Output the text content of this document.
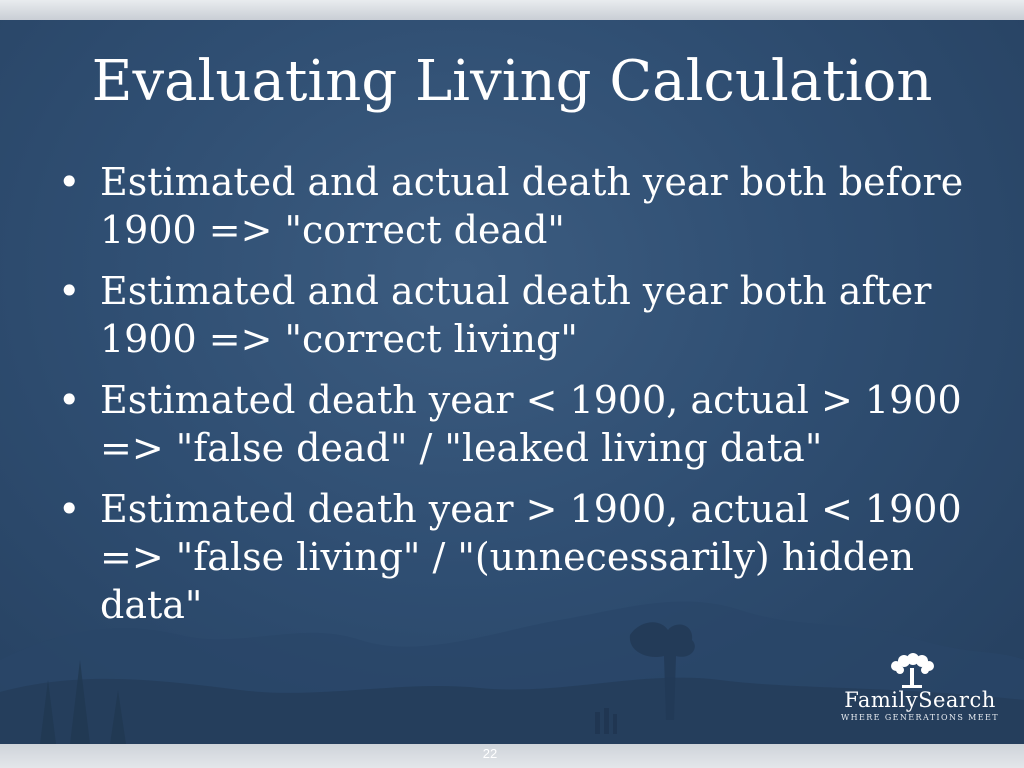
Evaluating Living Calculation
• Estimated and actual death year both before 1900 => "correct dead"
• Estimated and actual death year both after 1900 => "correct living"
• Estimated death year < 1900, actual > 1900 => "false dead" / "leaked living data"
• Estimated death year > 1900, actual < 1900 => "false living" / "(unnecessarily) hidden data"
FamilySearch
WHERE GENERATIONS MEET
22
